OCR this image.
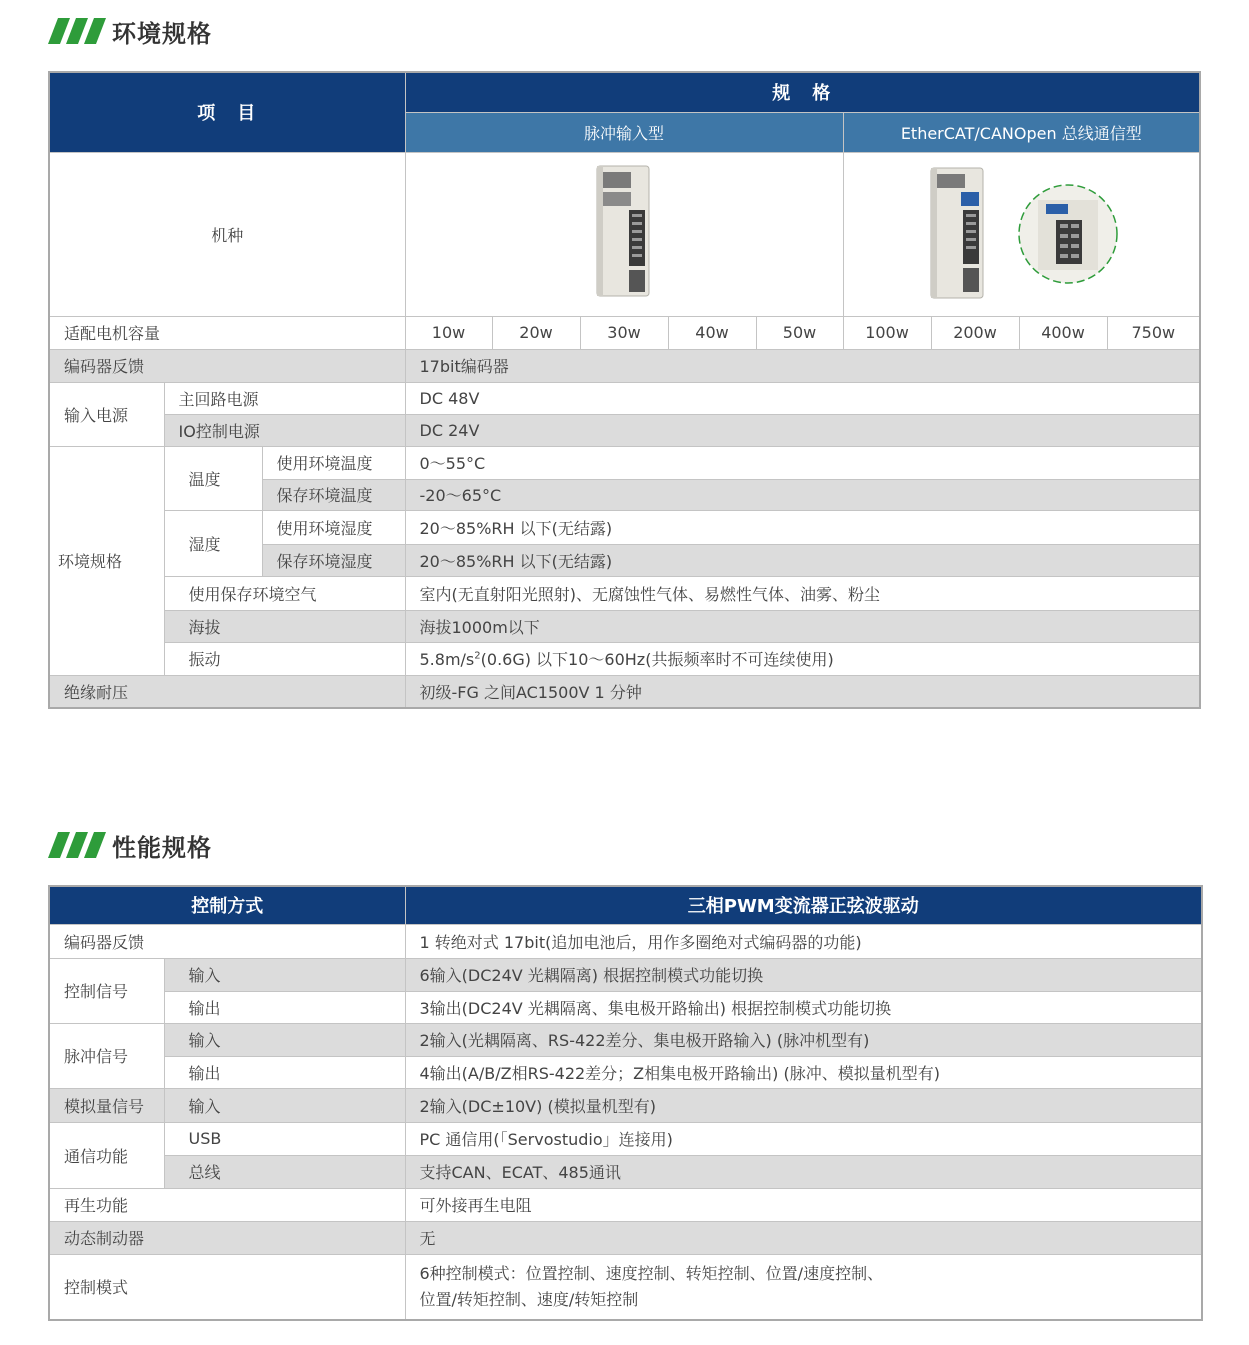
环境规格
项　目			规　格								
			脉冲输入型					EtherCAT/CANOpen 总线通信型			
机种		
适配电机容量			10w	20w	30w	40w	50w	100w	200w	400w	750w
编码器反馈			17bit编码器								
输入电源	主回路电源		DC 48V								
	IO控制电源		DC 24V								
环境规格	温度	使用环境温度	0～55°C								
		保存环境温度	-20～65°C								
	湿度	使用环境湿度	20～85%RH 以下(无结露)								
		保存环境湿度	20～85%RH 以下(无结露)								
	使用保存环境空气		室内(无直射阳光照射)、无腐蚀性气体、易燃性气体、油雾、粉尘								
	海拔		海拔1000m以下								
	振动		$5.8m/s^2(0.6G)$ 以下10～60Hz(共振频率时不可连续使用)								
绝缘耐压			初级-FG 之间AC1500V 1 分钟								
性能规格
控制方式		三相PWM变流器正弦波驱动
编码器反馈		1 转绝对式 17bit(追加电池后，用作多圈绝对式编码器的功能)
控制信号	输入	6输入(DC24V 光耦隔离) 根据控制模式功能切换
	输出	3输出(DC24V 光耦隔离、集电极开路输出) 根据控制模式功能切换
脉冲信号	输入	2输入(光耦隔离、RS-422差分、集电极开路输入) (脉冲机型有)
	输出	4输出(A/B/Z相RS-422差分；Z相集电极开路输出) (脉冲、模拟量机型有)
模拟量信号	输入	2输入(DC±10V) (模拟量机型有)
通信功能	USB	PC 通信用(「Servostudio」连接用)
	总线	支持CAN、ECAT、485通讯
再生功能		可外接再生电阻
动态制动器		无
控制模式		6种控制模式：位置控制、速度控制、转矩控制、位置/速度控制、
位置/转矩控制、速度/转矩控制
